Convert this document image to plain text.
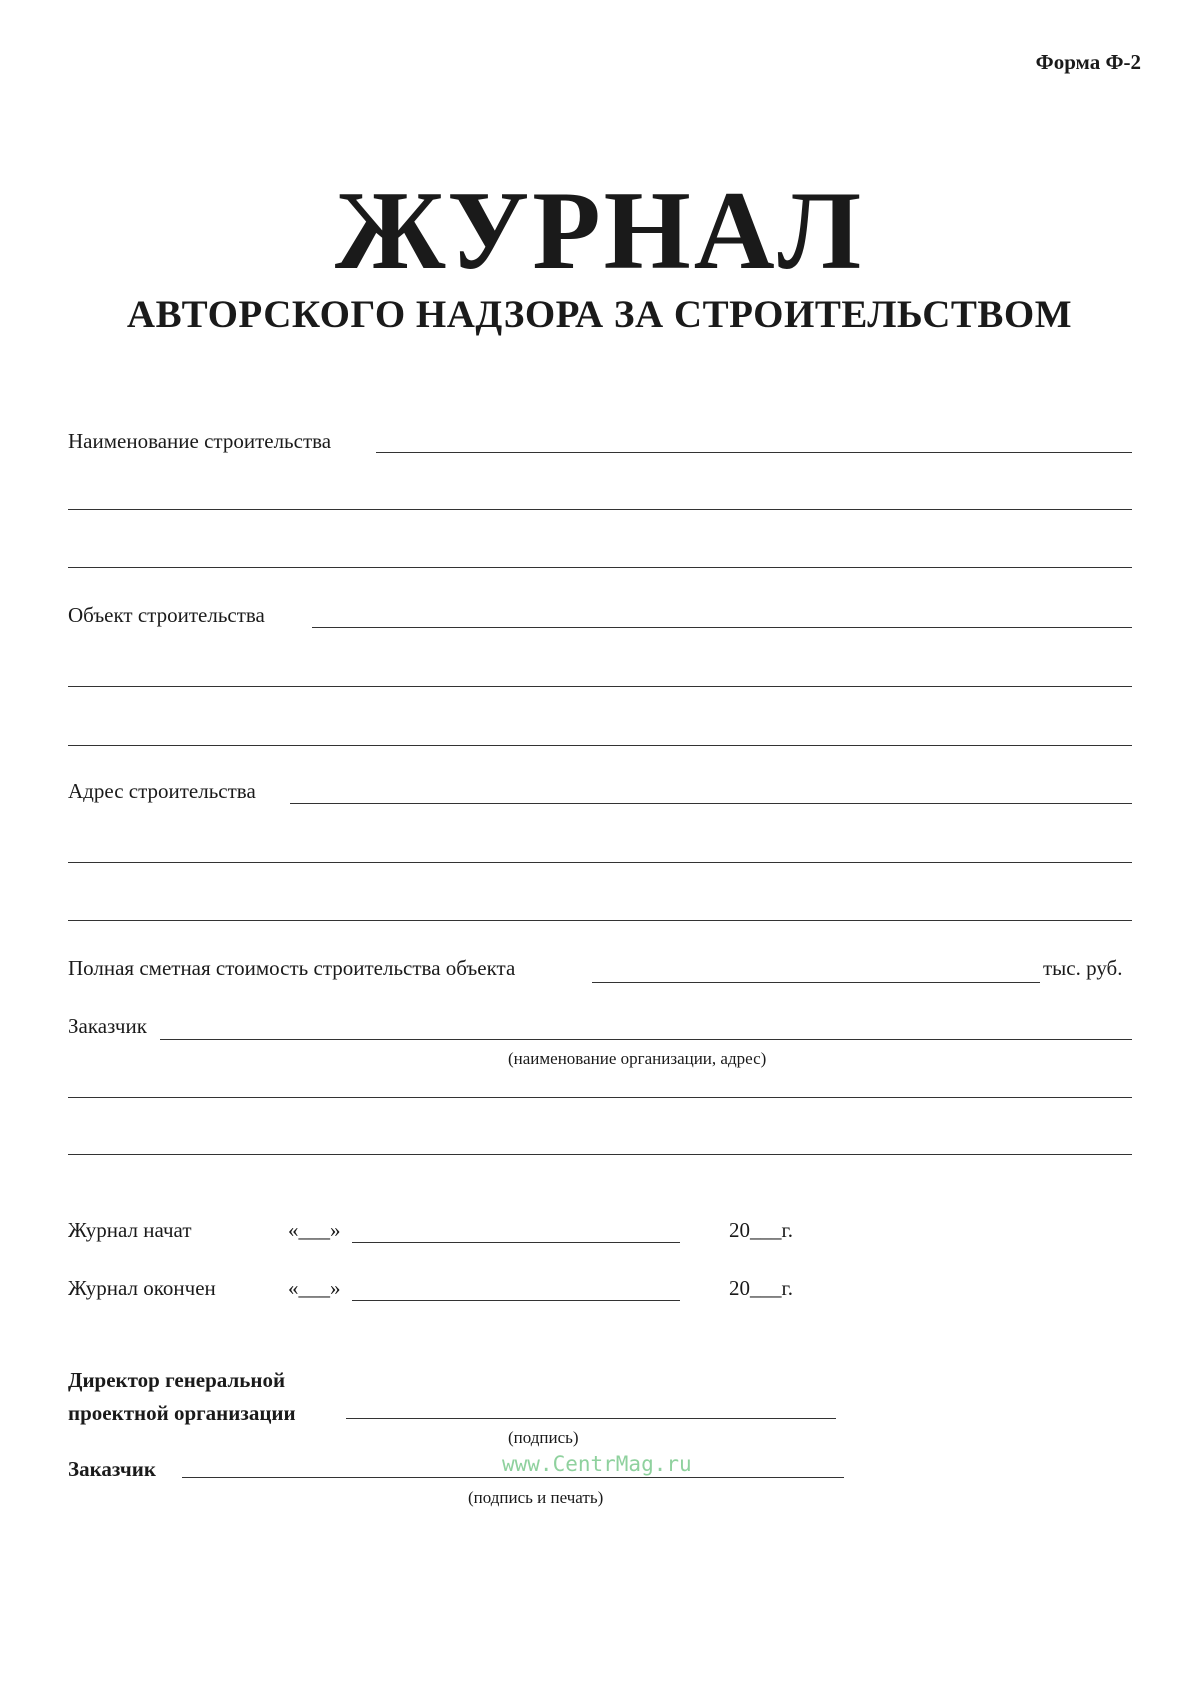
Форма Ф-2
ЖУРНАЛ
АВТОРСКОГО НАДЗОРА ЗА СТРОИТЕЛЬСТВОМ
Наименование строительства
Объект строительства
Адрес строительства
Полная сметная стоимость строительства объекта	тыс. руб.
Заказчик
(наименование организации, адрес)
Журнал начат	«___»	20___г.
Журнал окончен	«___»	20___г.
Директор генеральной
проектной организации
(подпись)
Заказчик	www.CentrMag.ru
(подпись и печать)
